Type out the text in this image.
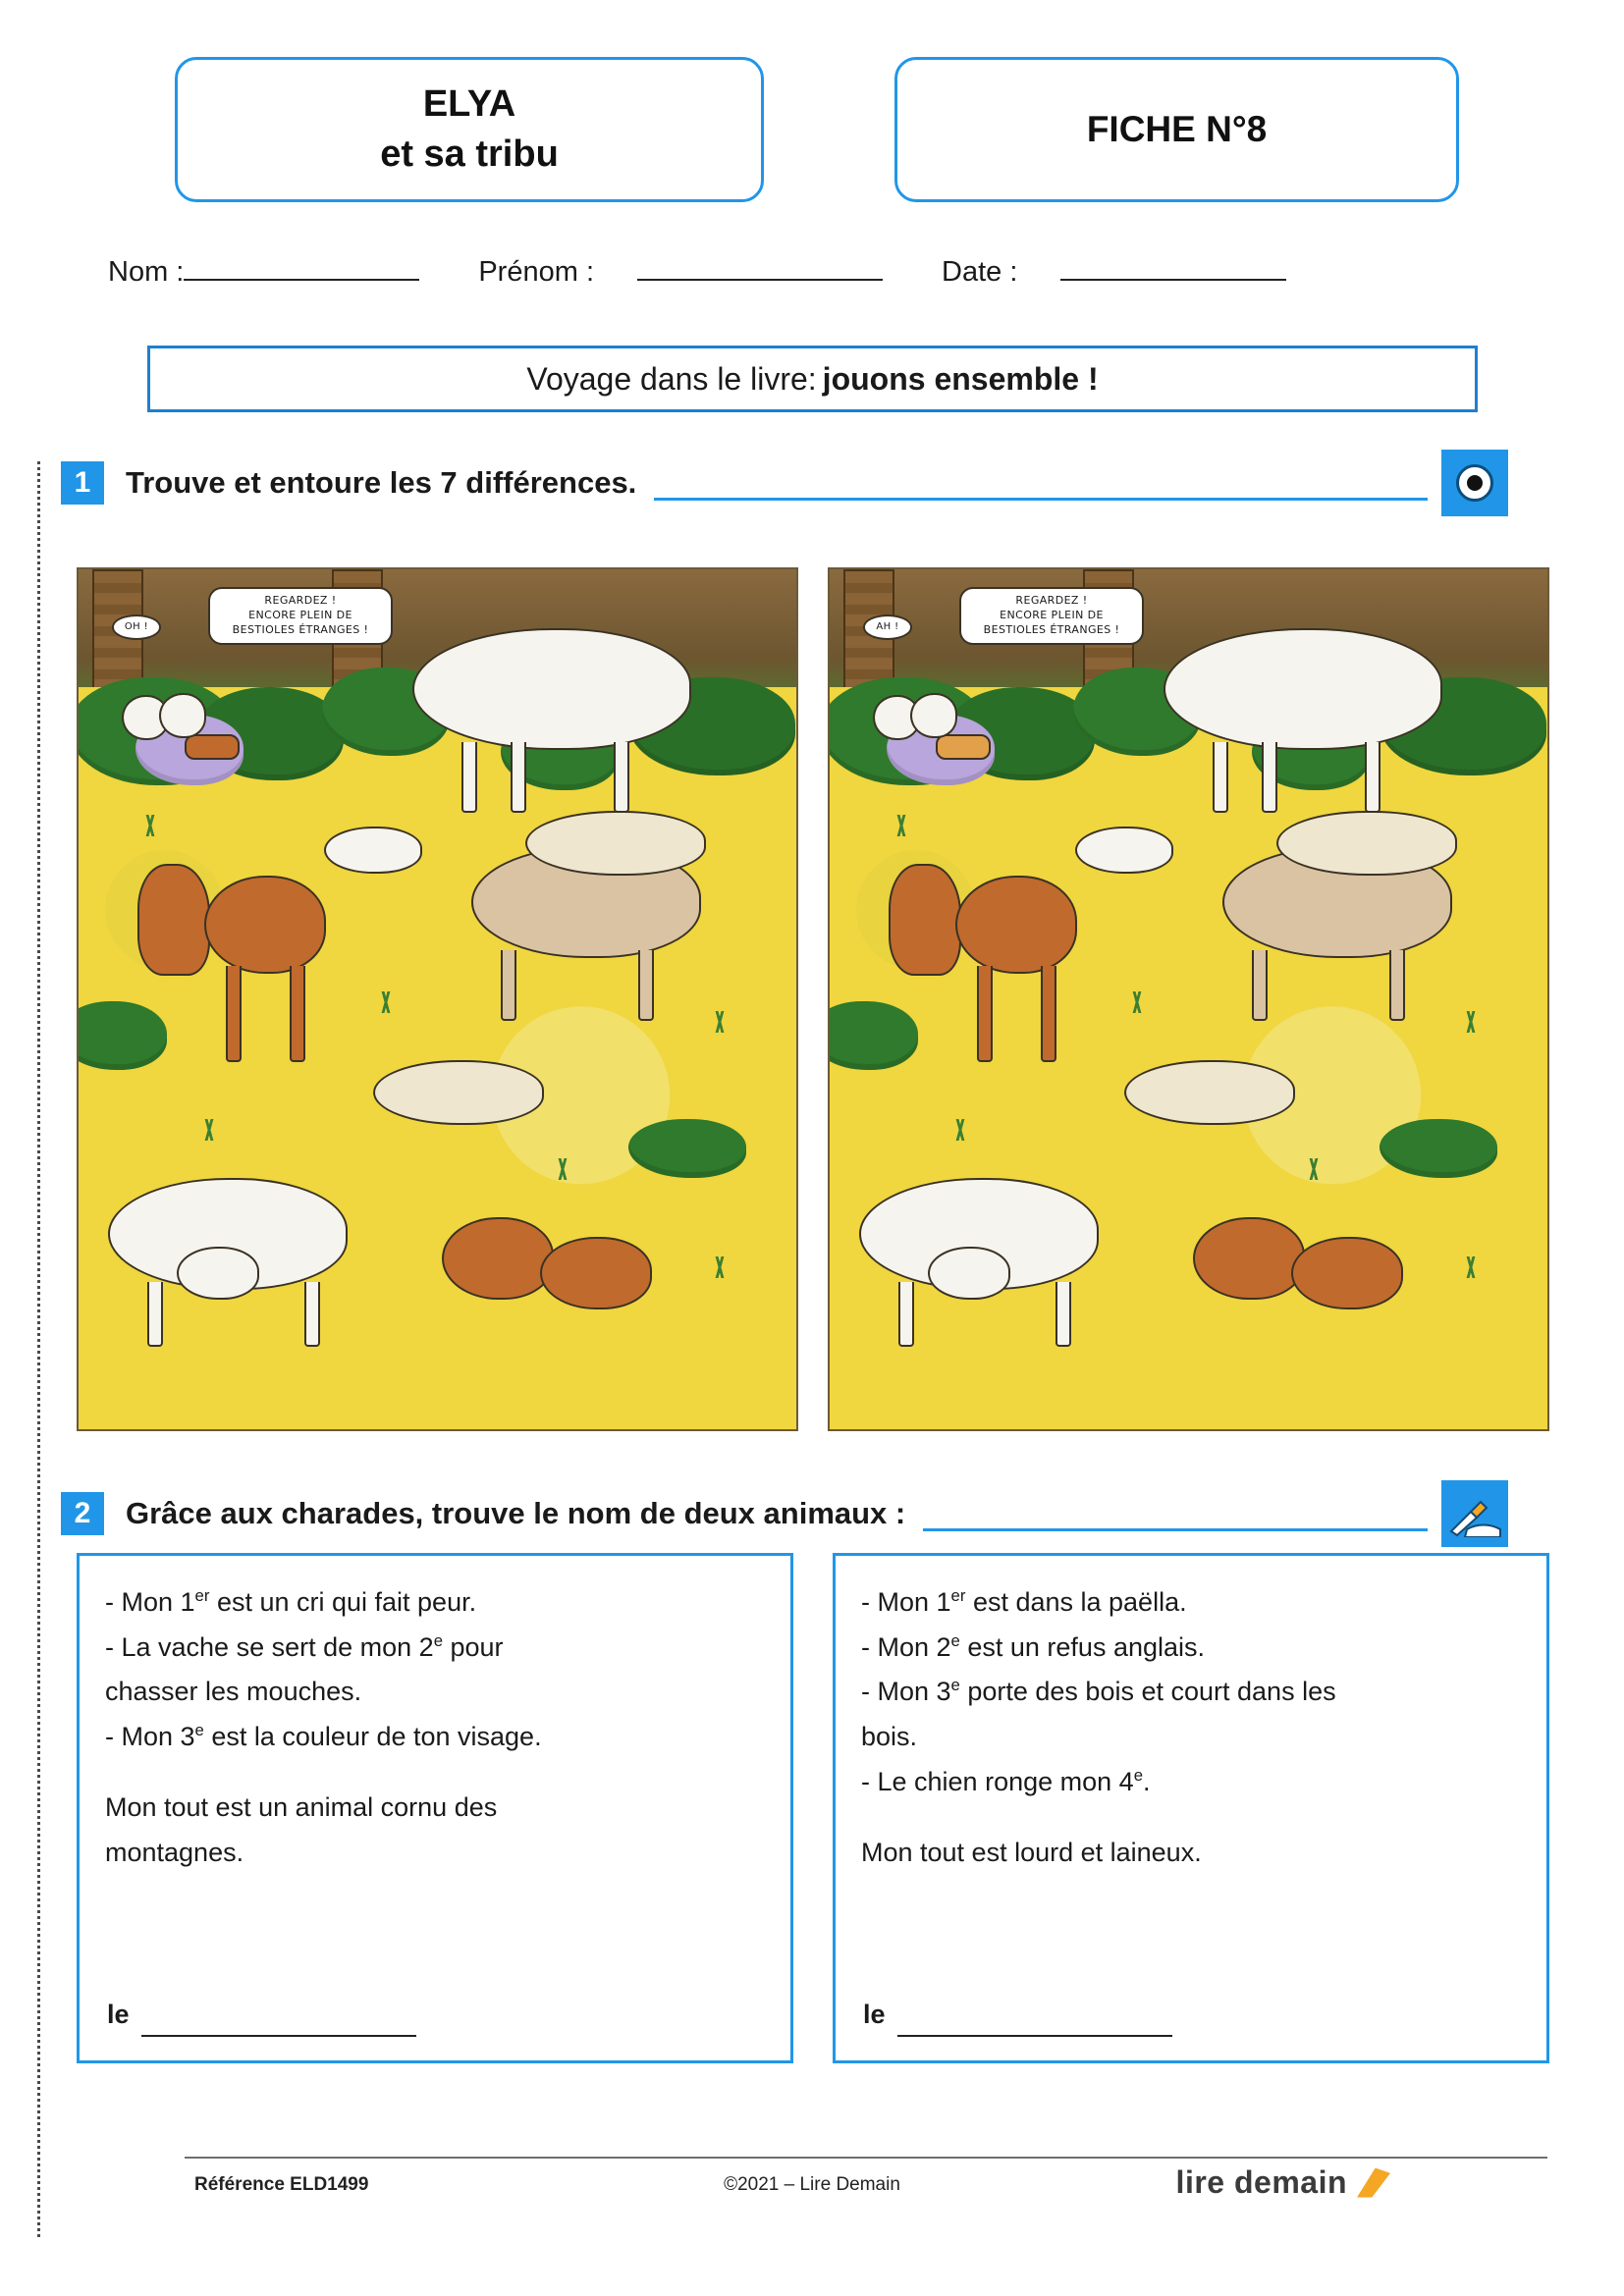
ELYA
et sa tribu
FICHE N°8
Nom :	Prénom :	Date :
Voyage dans le livre : jouons ensemble !
1	Trouve et entoure les 7 différences.
OH !
REGARDEZ !
ENCORE PLEIN DE
BESTIOLES ÉTRANGES !	AH !
REGARDEZ !
ENCORE PLEIN DE
BESTIOLES ÉTRANGES !
2	Grâce aux charades, trouve le nom de deux animaux :

- Mon 1er est un cri qui fait peur.

- La vache se sert de mon 2e pour

chasser les mouches.

- Mon 3e est la couleur de ton visage.

Mon tout est un animal cornu des

montagnes.

le

- Mon 1er est dans la paëlla.

- Mon 2e est un refus anglais.

- Mon 3e porte des bois et court dans les

bois.

- Le chien ronge mon 4e.

Mon tout est lourd et laineux.

le
Référence ELD1499	©2021 – Lire Demain	lire demain
